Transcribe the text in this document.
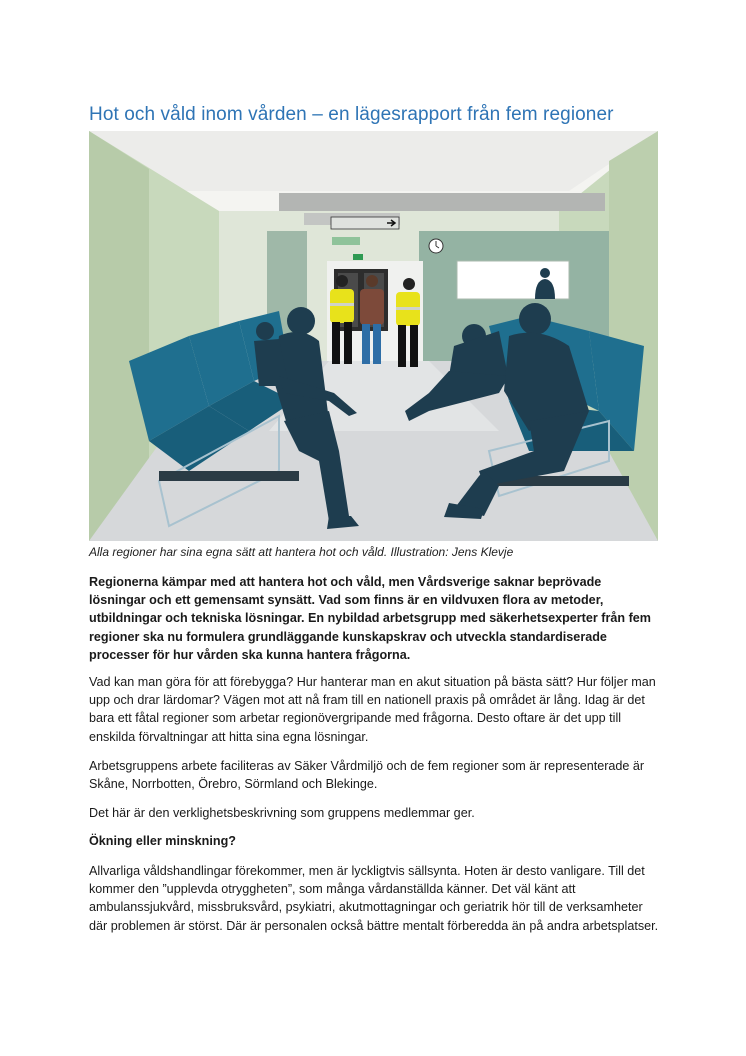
Hot och våld inom vården – en lägesrapport från fem regioner
Alla regioner har sina egna sätt att hantera hot och våld. Illustration: Jens Klevje

Regionerna kämpar med att hantera hot och våld, men Vårdsverige saknar beprövade lösningar och ett gemensamt synsätt. Vad som finns är en vildvuxen flora av metoder, utbildningar och tekniska lösningar. En nybildad arbetsgrupp med säkerhetsexperter från fem regioner ska nu formulera grundläggande kunskapskrav och utveckla standardiserade processer för hur vården ska kunna hantera frågorna.

Vad kan man göra för att förebygga? Hur hanterar man en akut situation på bästa sätt? Hur följer man upp och drar lärdomar? Vägen mot att nå fram till en nationell praxis på området är lång. Idag är det bara ett fåtal regioner som arbetar regionövergripande med frågorna. Desto oftare är det upp till enskilda förvaltningar att hitta sina egna lösningar.

Arbetsgruppens arbete faciliteras av Säker Vårdmiljö och de fem regioner som är representerade är Skåne, Norrbotten, Örebro, Sörmland och Blekinge.

Det här är den verklighetsbeskrivning som gruppens medlemmar ger.

Ökning eller minskning?

Allvarliga våldshandlingar förekommer, men är lyckligtvis sällsynta. Hoten är desto vanligare. Till det kommer den ”upplevda otryggheten”, som många vårdanställda känner. Det väl känt att ambulanssjukvård, missbruksvård, psykiatri, akutmottagningar och geriatrik hör till de verksamheter där problemen är störst. Där är personalen också bättre mentalt förberedda än på andra arbetsplatser.
